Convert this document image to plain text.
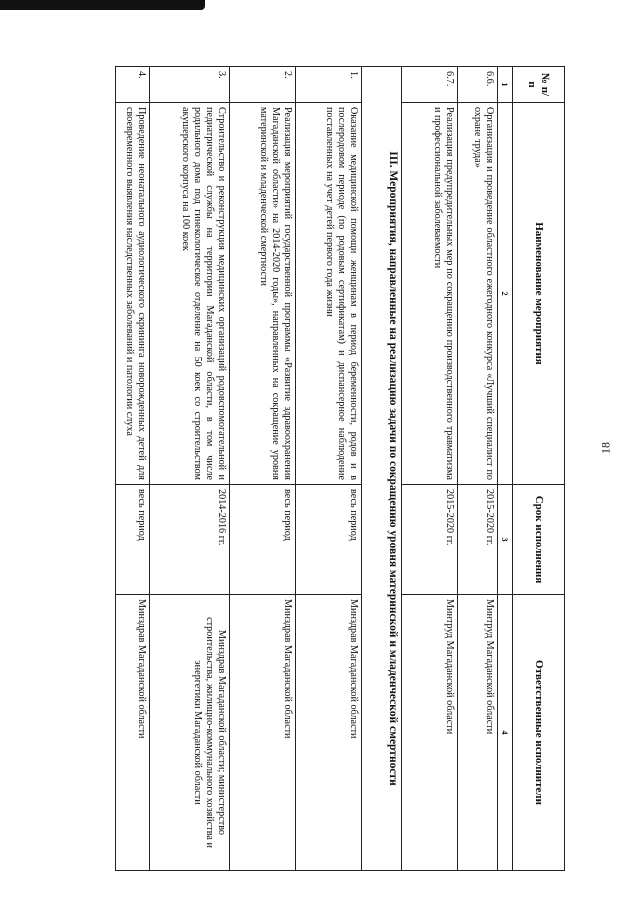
18
№ п/п	Наименование мероприятия	Срок исполнения	Ответственные исполнители
1	2	3	4
6.6.	Организация и проведение областного ежегодного конкурса «Лучший специалист по охране труда»	2015-2020 гг.	Минтруд Магаданской области
6.7.	Реализация предупредительных мер по сокращению производственного травматизма и профессиональной заболеваемости	2015-2020 гг.	Минтруд Магаданской области
III. Мероприятия, направленные на реализацию задачи по сокращению уровня материнской и младенческой смертности			
1.	Оказание медицинской помощи женщинам в период беременности, родов и в послеродовом периоде (по родовым сертификатам) и диспансерное наблюдение поставленных на учет детей первого года жизни	весь период	Минздрав Магаданской области
2.	Реализация мероприятий государственной программы «Развитие здравоохранения Магаданской области» на 2014-2020 годы», направленных на сокращение уровня материнской и младенческой смертности	весь период	Минздрав Магаданской области
3.	Строительство и реконструкция медицинских организаций родовспомогательной и педиатрической службы на территории Магаданской области, в том числе родильного дома под гинекологическое отделение на 50 коек со строительством акушерского корпуса на 100 коек	2014-2016 гг.	Минздрав Магаданской области; министерство строительства, жилищно-коммунального хозяйства и энергетики Магаданской области
4.	Проведение неонатального аудиологического скрининга новорожденных детей для своевременного выявления наследственных заболеваний и патологии слуха	весь период	Минздрав Магаданской области
